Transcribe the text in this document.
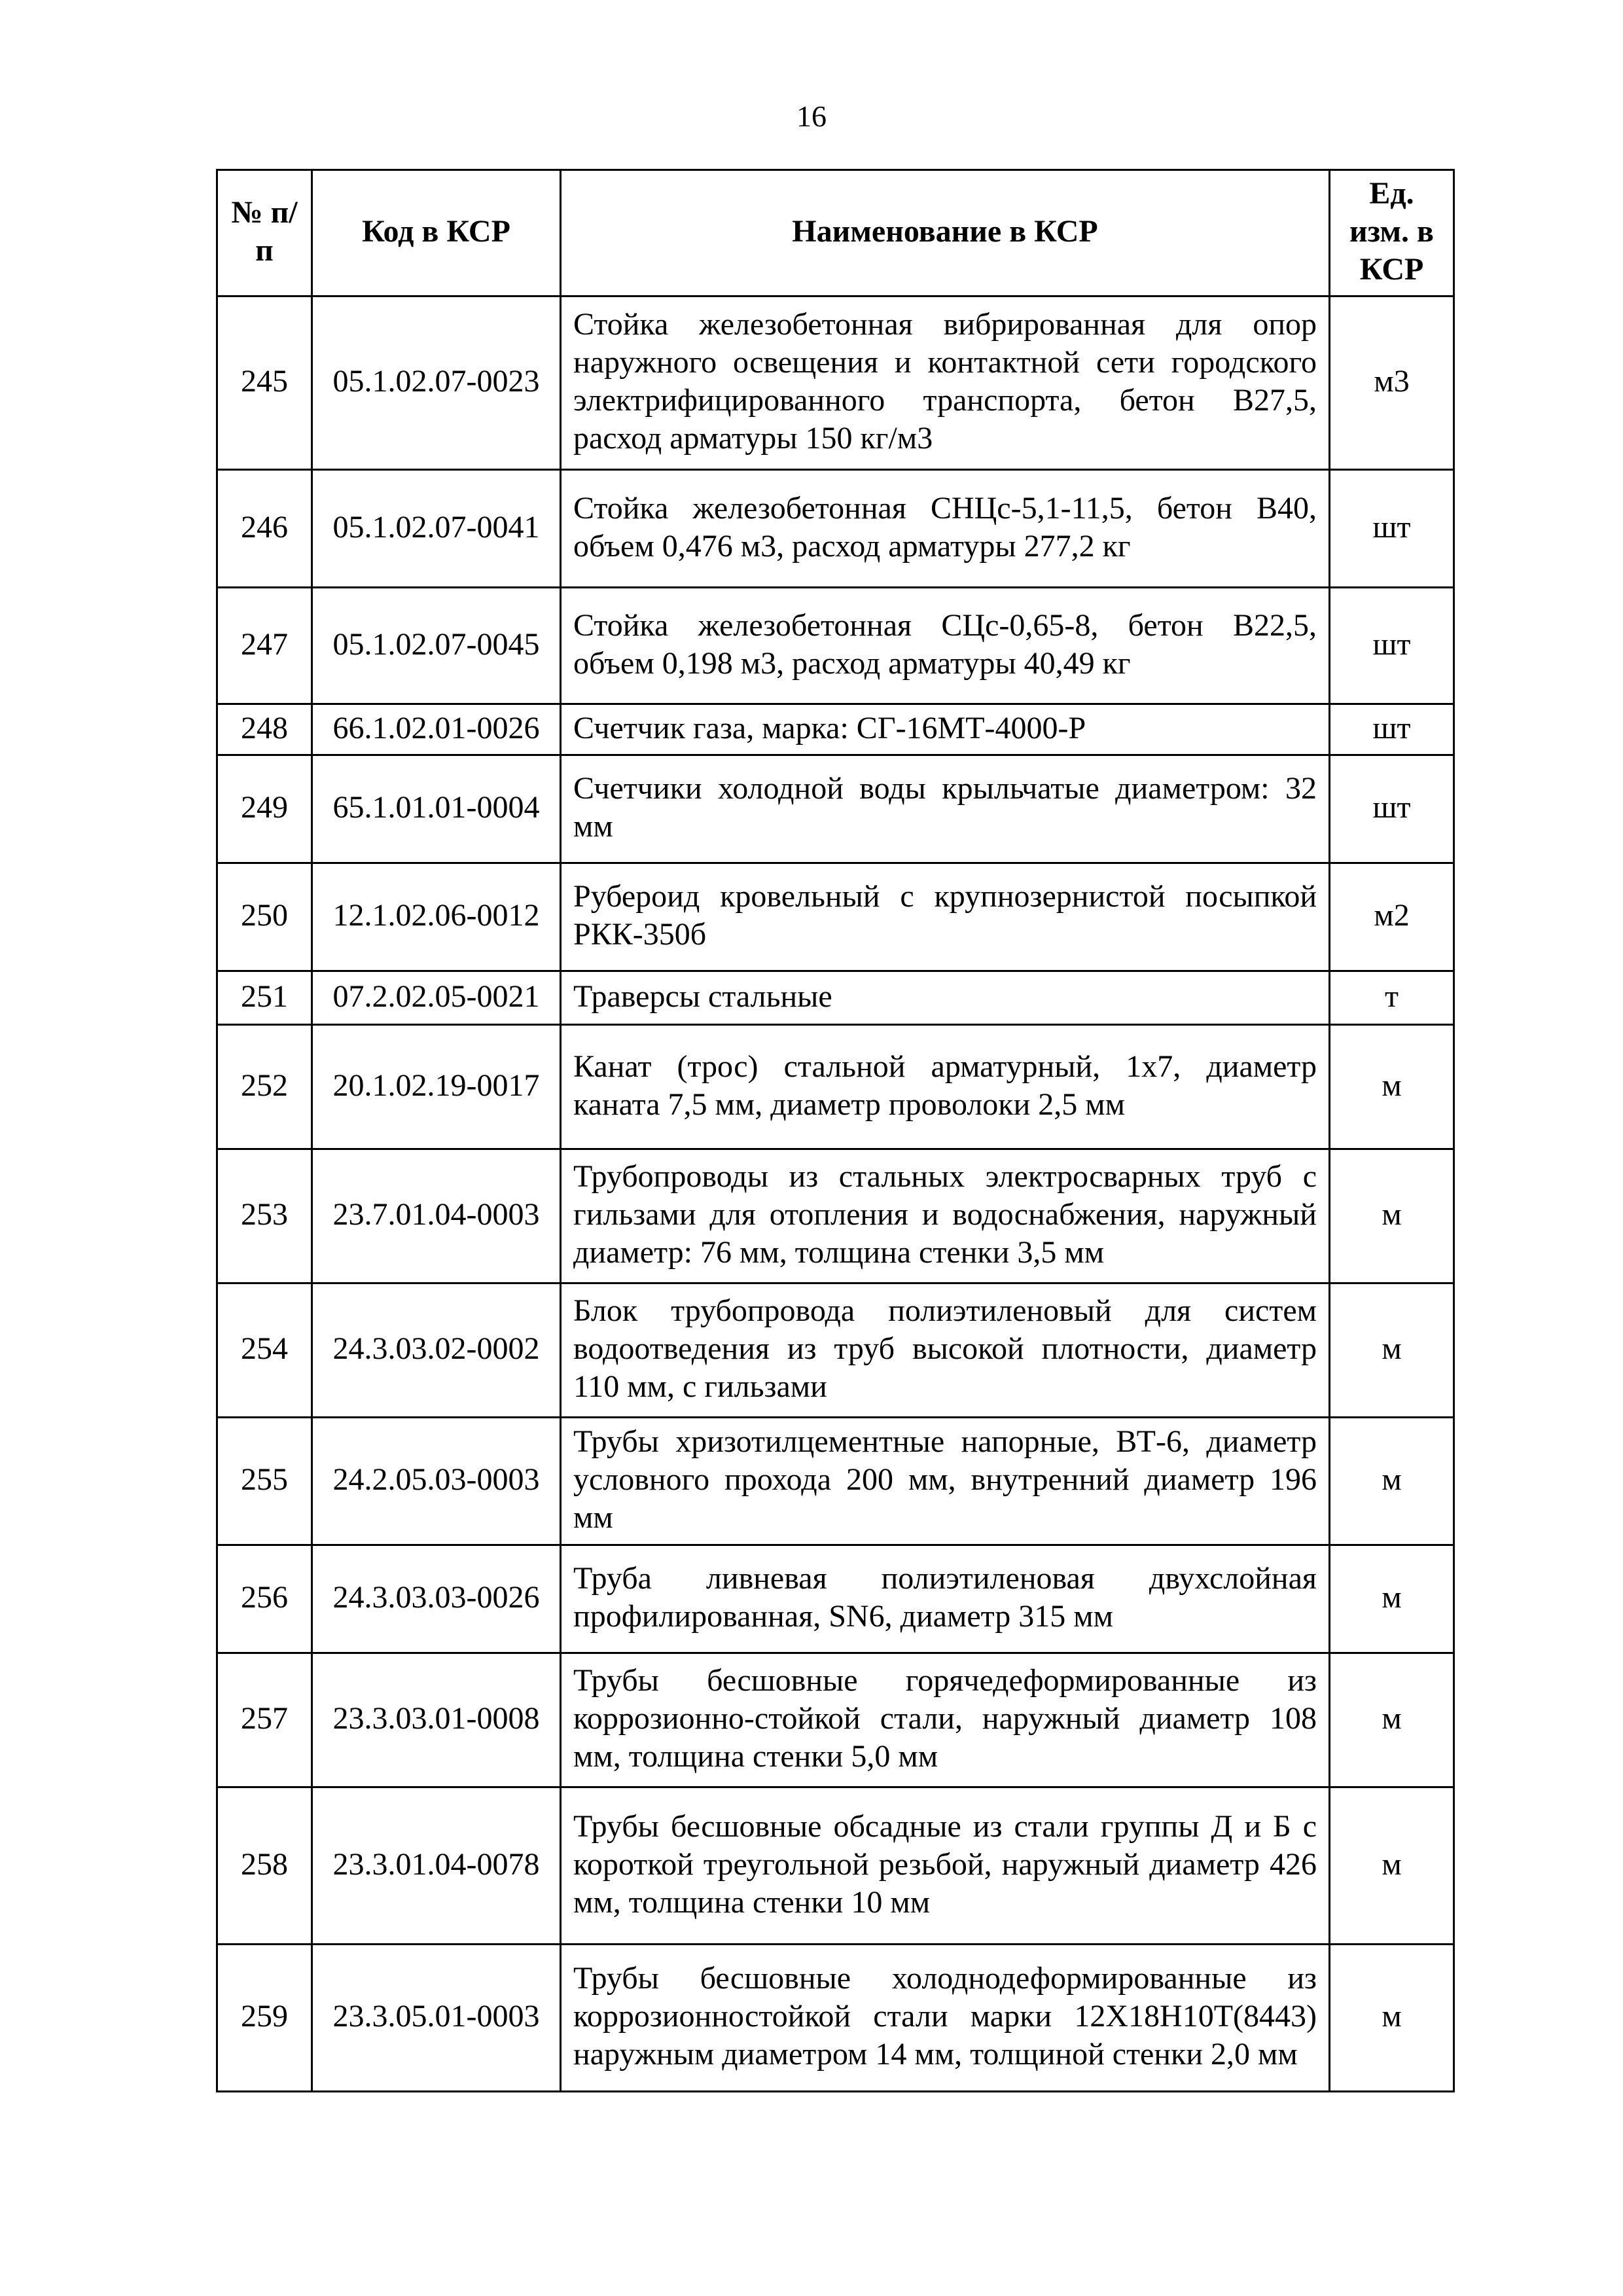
16
№ п/п	Код в КСР	Наименование в КСР	Ед. изм. в КСР
245	05.1.02.07-0023	Стойка железобетонная вибрированная для опор наружного освещения и контактной сети городского электрифицированного транспорта, бетон В27,5, расход арматуры 150 кг/м3	м3
246	05.1.02.07-0041	Стойка железобетонная СНЦс-5,1-11,5, бетон В40, объем 0,476 м3, расход арматуры 277,2 кг	шт
247	05.1.02.07-0045	Стойка железобетонная СЦс-0,65-8, бетон В22,5, объем 0,198 м3, расход арматуры 40,49 кг	шт
248	66.1.02.01-0026	Счетчик газа, марка: СГ-16МТ-4000-Р	шт
249	65.1.01.01-0004	Счетчики холодной воды крыльчатые диаметром: 32 мм	шт
250	12.1.02.06-0012	Рубероид кровельный с крупнозернистой посыпкой РКК-350б	м2
251	07.2.02.05-0021	Траверсы стальные	т
252	20.1.02.19-0017	Канат (трос) стальной арматурный, 1х7, диаметр каната 7,5 мм, диаметр проволоки 2,5 мм	м
253	23.7.01.04-0003	Трубопроводы из стальных электросварных труб с гильзами для отопления и водоснабжения, наружный диаметр: 76 мм, толщина стенки 3,5 мм	м
254	24.3.03.02-0002	Блок трубопровода полиэтиленовый для систем водоотведения из труб высокой плотности, диаметр 110 мм, с гильзами	м
255	24.2.05.03-0003	Трубы хризотилцементные напорные, ВТ-6, диаметр условного прохода 200 мм, внутренний диаметр 196 мм	м
256	24.3.03.03-0026	Труба ливневая полиэтиленовая двухслойная профилированная, SN6, диаметр 315 мм	м
257	23.3.03.01-0008	Трубы бесшовные горячедеформированные из коррозионно-стойкой стали, наружный диаметр 108 мм, толщина стенки 5,0 мм	м
258	23.3.01.04-0078	Трубы бесшовные обсадные из стали группы Д и Б с короткой треугольной резьбой, наружный диаметр 426 мм, толщина стенки 10 мм	м
259	23.3.05.01-0003	Трубы бесшовные холоднодеформированные из коррозионностойкой стали марки 12Х18Н10Т(8443) наружным диаметром 14 мм, толщиной стенки 2,0 мм	м
